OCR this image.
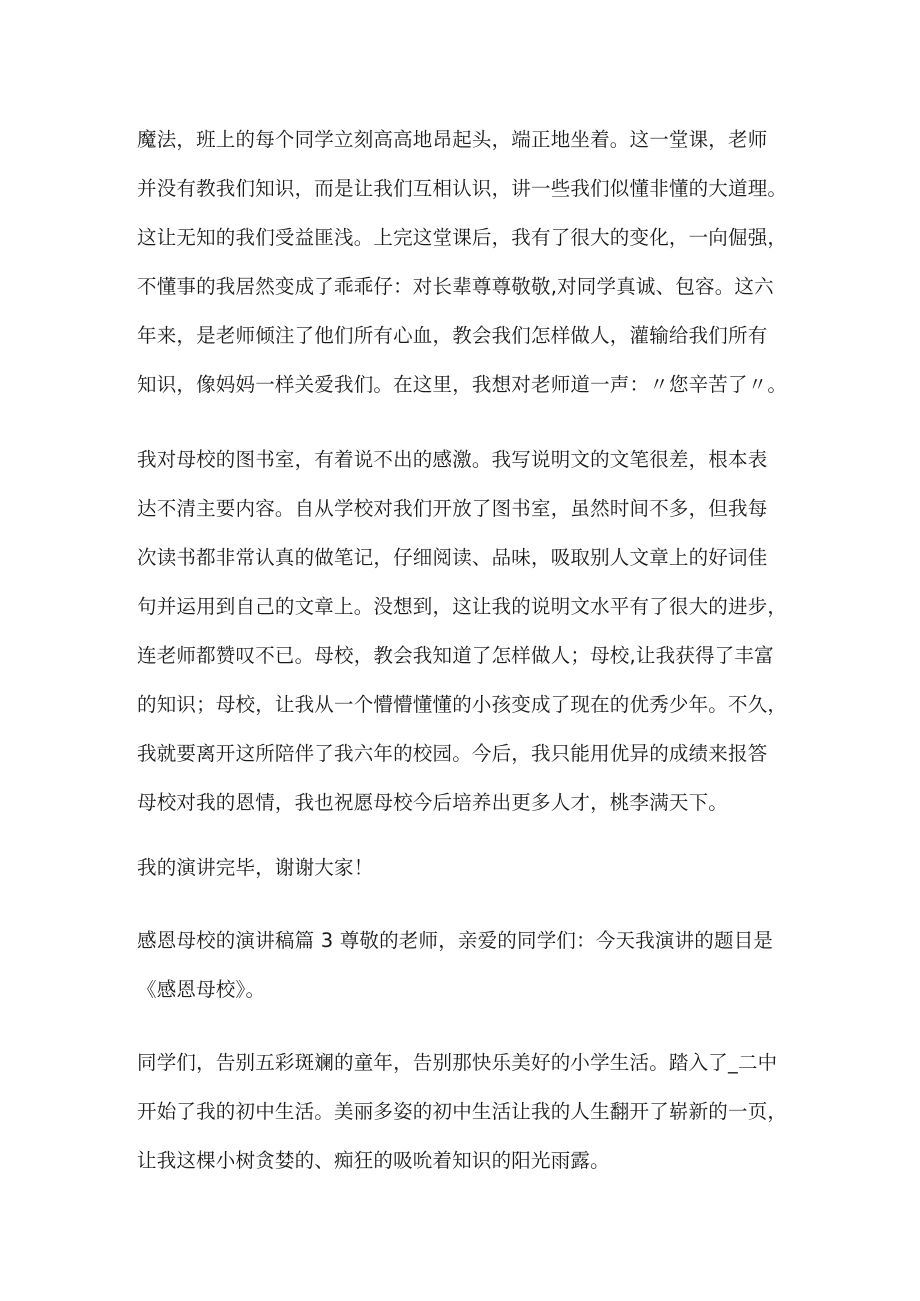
魔法，班上的每个同学立刻高高地昂起头，端正地坐着。这一堂课，老师
并没有教我们知识，而是让我们互相认识，讲一些我们似懂非懂的大道理。
这让无知的我们受益匪浅。上完这堂课后，我有了很大的变化，一向倔强，
不懂事的我居然变成了乖乖仔：对长辈尊尊敬敬,对同学真诚、包容。这六
年来，是老师倾注了他们所有心血，教会我们怎样做人，灌输给我们所有
知识，像妈妈一样关爱我们。在这里，我想对老师道一声：〃您辛苦了〃。
我对母校的图书室，有着说不出的感激。我写说明文的文笔很差，根本表
达不清主要内容。自从学校对我们开放了图书室，虽然时间不多，但我每
次读书都非常认真的做笔记，仔细阅读、品味，吸取别人文章上的好词佳
句并运用到自己的文章上。没想到，这让我的说明文水平有了很大的进步，
连老师都赞叹不已。母校，教会我知道了怎样做人；母校,让我获得了丰富
的知识；母校，让我从一个懵懵懂懂的小孩变成了现在的优秀少年。不久，
我就要离开这所陪伴了我六年的校园。今后，我只能用优异的成绩来报答
母校对我的恩情，我也祝愿母校今后培养出更多人才，桃李满天下。
我的演讲完毕，谢谢大家！
感恩母校的演讲稿篇 3 尊敬的老师，亲爱的同学们：今天我演讲的题目是
《感恩母校》。
同学们，告别五彩斑斓的童年，告别那快乐美好的小学生活。踏入了_二中
开始了我的初中生活。美丽多姿的初中生活让我的人生翻开了崭新的一页，
让我这棵小树贪婪的、痴狂的吸吮着知识的阳光雨露。
